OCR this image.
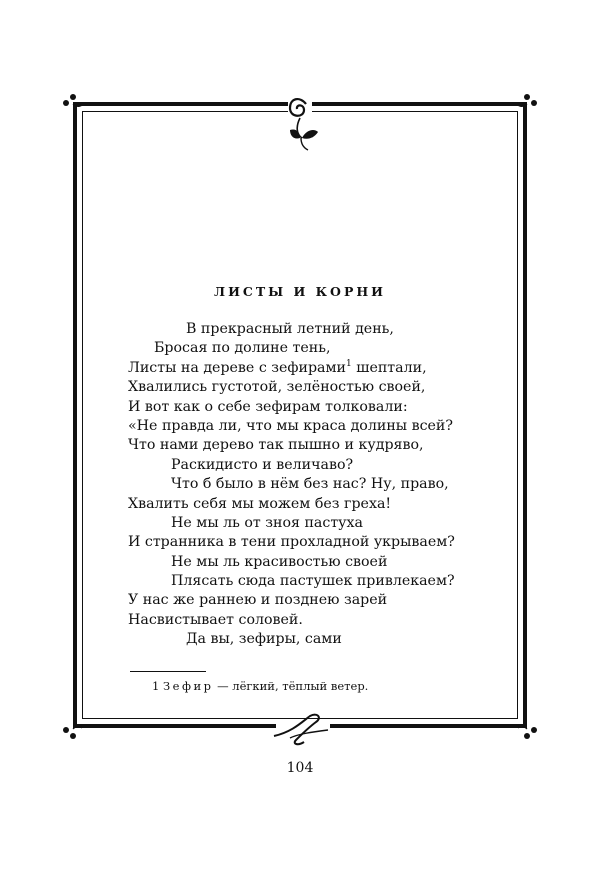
ЛИСТЫ И КОРНИ
В прекрасный летний день,
Бросая по долине тень,
Листы на дереве с зефирами$^1$ шептали,
Хвалились густотой, зелёностью своей,
И вот как о себе зефирам толковали:
«Не правда ли, что мы краса долины всей?
Что нами дерево так пышно и кудряво,
Раскидисто и величаво?
Что б было в нём без нас? Ну, право,
Хвалить себя мы можем без греха!
Не мы ль от зноя пастуха
И странника в тени прохладной укрываем?
Не мы ль красивостью своей
Плясать сюда пастушек привлекаем?
У нас же раннею и позднею зарей
Насвистывает соловей.
Да вы, зефиры, сами
1 Зефир — лёгкий, тёплый ветер.
104
